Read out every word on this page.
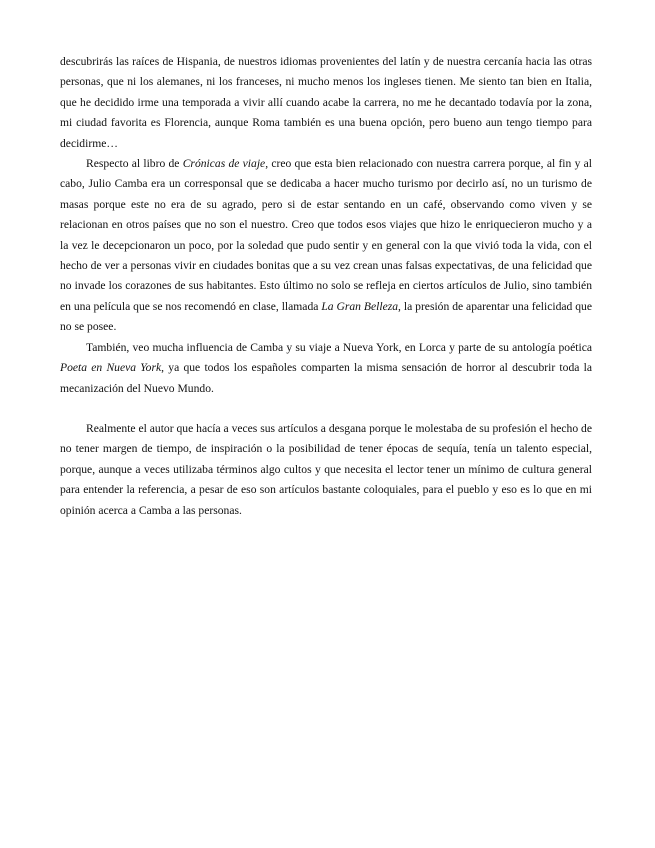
descubrirás las raíces de Hispania, de nuestros idiomas provenientes del latín y de nuestra cercanía hacia las otras personas, que ni los alemanes, ni los franceses, ni mucho menos los ingleses tienen. Me siento tan bien en Italia, que he decidido irme una temporada a vivir allí cuando acabe la carrera, no me he decantado todavía por la zona, mi ciudad favorita es Florencia, aunque Roma también es una buena opción, pero bueno aun tengo tiempo para decidirme…

Respecto al libro de Crónicas de viaje, creo que esta bien relacionado con nuestra carrera porque, al fin y al cabo, Julio Camba era un corresponsal que se dedicaba a hacer mucho turismo por decirlo así, no un turismo de masas porque este no era de su agrado, pero si de estar sentando en un café, observando como viven y se relacionan en otros países que no son el nuestro. Creo que todos esos viajes que hizo le enriquecieron mucho y a la vez le decepcionaron un poco, por la soledad que pudo sentir y en general con la que vivió toda la vida, con el hecho de ver a personas vivir en ciudades bonitas que a su vez crean unas falsas expectativas, de una felicidad que no invade los corazones de sus habitantes. Esto último no solo se refleja en ciertos artículos de Julio, sino también en una película que se nos recomendó en clase, llamada La Gran Belleza, la presión de aparentar una felicidad que no se posee.

También, veo mucha influencia de Camba y su viaje a Nueva York, en Lorca y parte de su antología poética Poeta en Nueva York, ya que todos los españoles comparten la misma sensación de horror al descubrir toda la mecanización del Nuevo Mundo.

Realmente el autor que hacía a veces sus artículos a desgana porque le molestaba de su profesión el hecho de no tener margen de tiempo, de inspiración o la posibilidad de tener épocas de sequía, tenía un talento especial, porque, aunque a veces utilizaba términos algo cultos y que necesita el lector tener un mínimo de cultura general para entender la referencia, a pesar de eso son artículos bastante coloquiales, para el pueblo y eso es lo que en mi opinión acerca a Camba a las personas.
